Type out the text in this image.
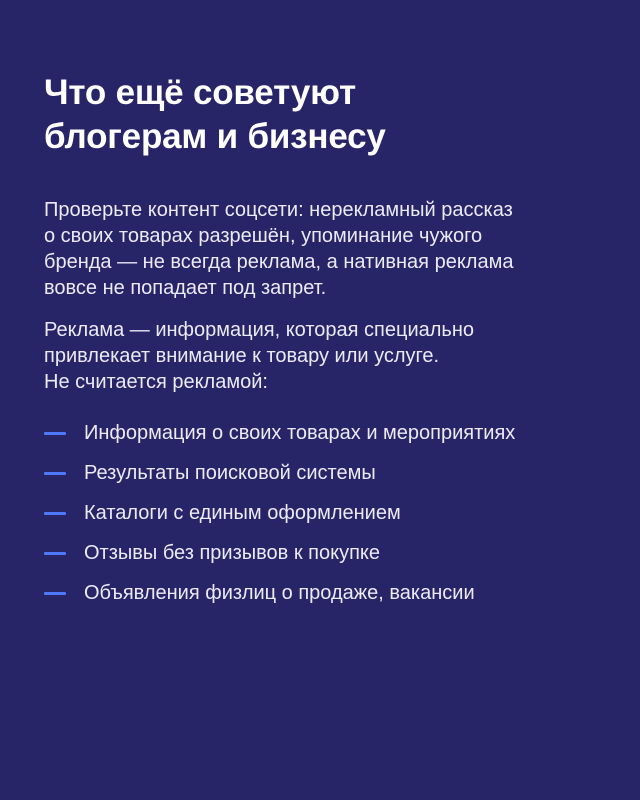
Что ещё советуют
блогерам и бизнесу

Проверьте контент соцсети: нерекламный рассказ
о своих товарах разрешён, упоминание чужого
бренда — не всегда реклама, а нативная реклама
вовсе не попадает под запрет.

Реклама — информация, которая специально
привлекает внимание к товару или услуге.
Не считается рекламой:

Информация о своих товарах и мероприятиях
Результаты поисковой системы
Каталоги с единым оформлением
Отзывы без призывов к покупке
Объявления физлиц о продаже, вакансии
